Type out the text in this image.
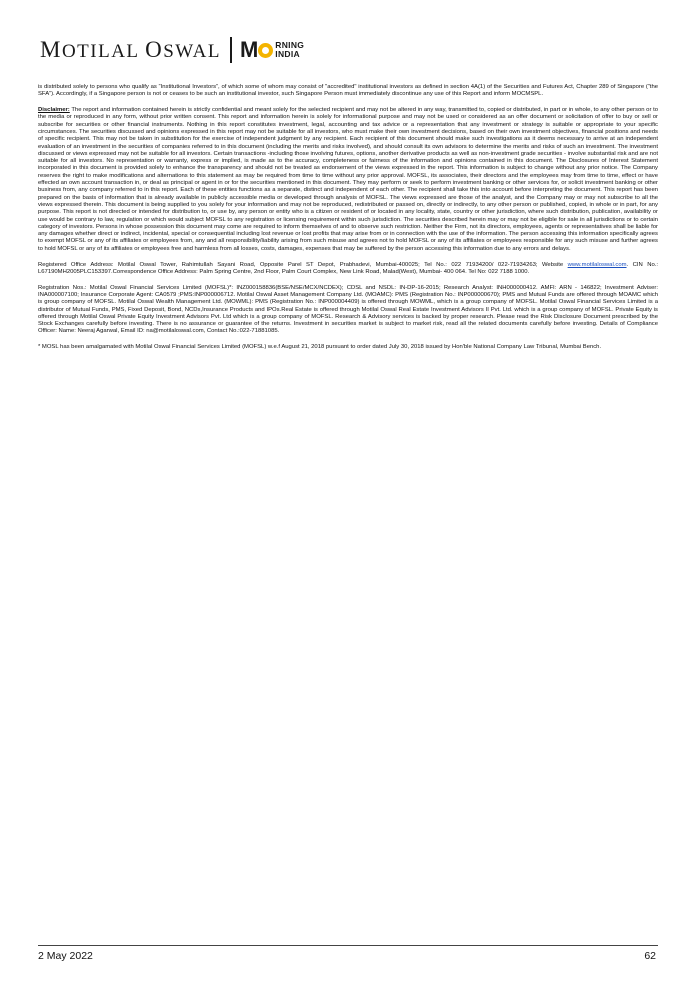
MOTILAL OSWAL M RNING
INDIA

is distributed solely to persons who qualify as “Institutional Investors”, of which some of whom may consist of "accredited" institutional investors as defined in section 4A(1) of the Securities and Futures Act, Chapter 289 of Singapore (“the SFA”). Accordingly, if a Singapore person is not or ceases to be such an institutional investor, such Singapore Person must immediately discontinue any use of this Report and inform MOCMSPL.

Disclaimer: The report and information contained herein is strictly confidential and meant solely for the selected recipient and may not be altered in any way, transmitted to, copied or distributed, in part or in whole, to any other person or to the media or reproduced in any form, without prior written consent. This report and information herein is solely for informational purpose and may not be used or considered as an offer document or solicitation of offer to buy or sell or subscribe for securities or other financial instruments. Nothing in this report constitutes investment, legal, accounting and tax advice or a representation that any investment or strategy is suitable or appropriate to your specific circumstances. The securities discussed and opinions expressed in this report may not be suitable for all investors, who must make their own investment decisions, based on their own investment objectives, financial positions and needs of specific recipient. This may not be taken in substitution for the exercise of independent judgment by any recipient. Each recipient of this document should make such investigations as it deems necessary to arrive at an independent evaluation of an investment in the securities of companies referred to in this document (including the merits and risks involved), and should consult its own advisors to determine the merits and risks of such an investment. The investment discussed or views expressed may not be suitable for all investors. Certain transactions -including those involving futures, options, another derivative products as well as non-investment grade securities - involve substantial risk and are not suitable for all investors. No representation or warranty, express or implied, is made as to the accuracy, completeness or fairness of the information and opinions contained in this document. The Disclosures of Interest Statement incorporated in this document is provided solely to enhance the transparency and should not be treated as endorsement of the views expressed in the report. This information is subject to change without any prior notice. The Company reserves the right to make modifications and alternations to this statement as may be required from time to time without any prior approval. MOFSL, its associates, their directors and the employees may from time to time, effect or have effected an own account transaction in, or deal as principal or agent in or for the securities mentioned in this document. They may perform or seek to perform investment banking or other services for, or solicit investment banking or other business from, any company referred to in this report. Each of these entities functions as a separate, distinct and independent of each other. The recipient shall take this into account before interpreting the document. This report has been prepared on the basis of information that is already available in publicly accessible media or developed through analysis of MOFSL. The views expressed are those of the analyst, and the Company may or may not subscribe to all the views expressed therein. This document is being supplied to you solely for your information and may not be reproduced, redistributed or passed on, directly or indirectly, to any other person or published, copied, in whole or in part, for any purpose. This report is not directed or intended for distribution to, or use by, any person or entity who is a citizen or resident of or located in any locality, state, country or other jurisdiction, where such distribution, publication, availability or use would be contrary to law, regulation or which would subject MOFSL to any registration or licensing requirement within such jurisdiction. The securities described herein may or may not be eligible for sale in all jurisdictions or to certain category of investors. Persons in whose possession this document may come are required to inform themselves of and to observe such restriction. Neither the Firm, not its directors, employees, agents or representatives shall be liable for any damages whether direct or indirect, incidental, special or consequential including lost revenue or lost profits that may arise from or in connection with the use of the information. The person accessing this information specifically agrees to exempt MOFSL or any of its affiliates or employees from, any and all responsibility/liability arising from such misuse and agrees not to hold MOFSL or any of its affiliates or employees responsible for any such misuse and further agrees to hold MOFSL or any of its affiliates or employees free and harmless from all losses, costs, damages, expenses that may be suffered by the person accessing this information due to any errors and delays.

Registered Office Address: Motilal Oswal Tower, Rahimtullah Sayani Road, Opposite Parel ST Depot, Prabhadevi, Mumbai-400025; Tel No.: 022 71934200/ 022-71934263; Website www.motilaloswal.com. CIN No.: L67190MH2005PLC153397.Correspondence Office Address: Palm Spring Centre, 2nd Floor, Palm Court Complex, New Link Road, Malad(West), Mumbai- 400 064. Tel No: 022 7188 1000.

Registration Nos.: Motilal Oswal Financial Services Limited (MOFSL)*: INZ000158836(BSE/NSE/MCX/NCDEX); CDSL and NSDL: IN-DP-16-2015; Research Analyst: INH000000412. AMFI: ARN - 146822; Investment Adviser: INA000007100; Insurance Corporate Agent: CA0579 ;PMS:INP000006712. Motilal Oswal Asset Management Company Ltd. (MOAMC): PMS (Registration No.: INP000000670); PMS and Mutual Funds are offered through MOAMC which is group company of MOFSL. Motilal Oswal Wealth Management Ltd. (MOWML): PMS (Registration No.: INP000004409) is offered through MOWML, which is a group company of MOFSL. Motilal Oswal Financial Services Limited is a distributor of Mutual Funds, PMS, Fixed Deposit, Bond, NCDs,Insurance Products and IPOs.Real Estate is offered through Motilal Oswal Real Estate Investment Advisors II Pvt. Ltd. which is a group company of MOFSL. Private Equity is offered through Motilal Oswal Private Equity Investment Advisors Pvt. Ltd which is a group company of MOFSL. Research & Advisory services is backed by proper research. Please read the Risk Disclosure Document prescribed by the Stock Exchanges carefully before investing. There is no assurance or guarantee of the returns. Investment in securities market is subject to market risk, read all the related documents carefully before investing. Details of Compliance Officer: Name: Neeraj Agarwal, Email ID: na@motilaloswal.com, Contact No.:022-71881085.

* MOSL has been amalgamated with Motilal Oswal Financial Services Limited (MOFSL) w.e.f August 21, 2018 pursuant to order dated July 30, 2018 issued by Hon'ble National Company Law Tribunal, Mumbai Bench.

2 May 2022	62
